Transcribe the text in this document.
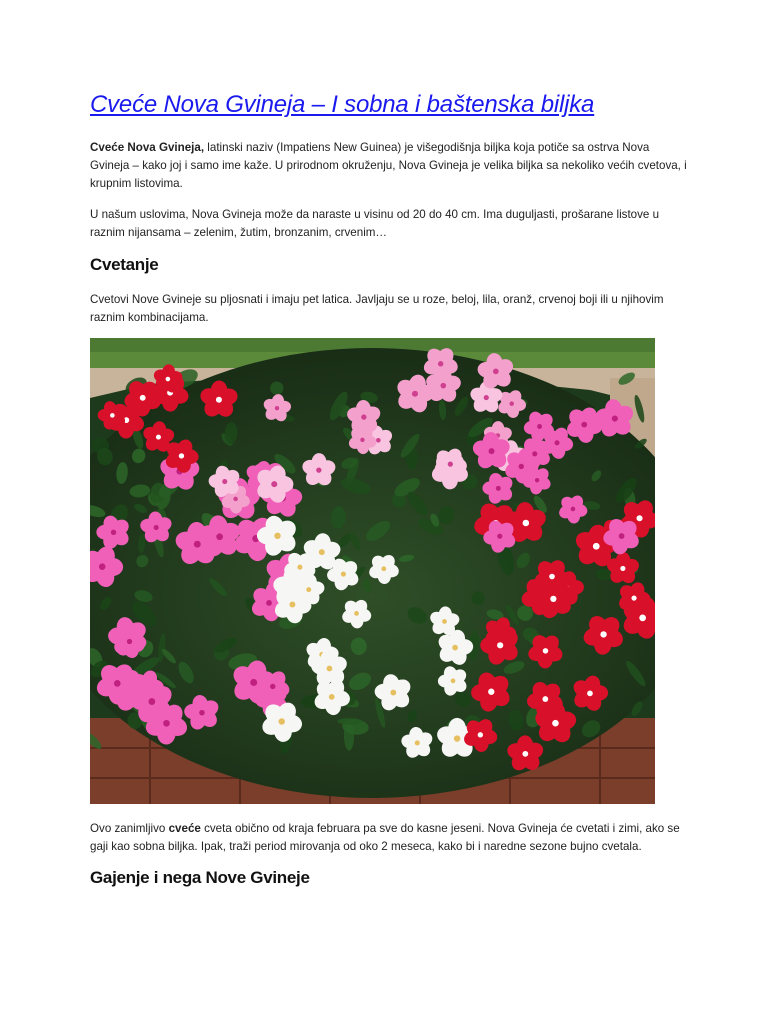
Cveće Nova Gvineja – I sobna i baštenska biljka

Cveće Nova Gvineja, latinski naziv (Impatiens New Guinea) je višegodišnja biljka koja potiče sa ostrva Nova Gvineja – kako joj i samo ime kaže. U prirodnom okruženju, Nova Gvineja je velika biljka sa nekoliko većih cvetova, i krupnim listovima.

U našum uslovima, Nova Gvineja može da naraste u visinu od 20 do 40 cm. Ima duguljasti, prošarane listove u raznim nijansama – zelenim, žutim, bronzanim, crvenim…

Cvetanje

Cvetovi Nove Gvineje su pljosnati i imaju pet latica. Javljaju se u roze, beloj, lila, oranž, crvenoj boji ili u njihovim raznim kombinacijama.

Ovo zanimljivo cveće cveta obično od kraja februara pa sve do kasne jeseni. Nova Gvineja će cvetati i zimi, ako se gaji kao sobna biljka. Ipak, traži period mirovanja od oko 2 meseca, kako bi i naredne sezone bujno cvetala.

Gajenje i nega Nove Gvineje
